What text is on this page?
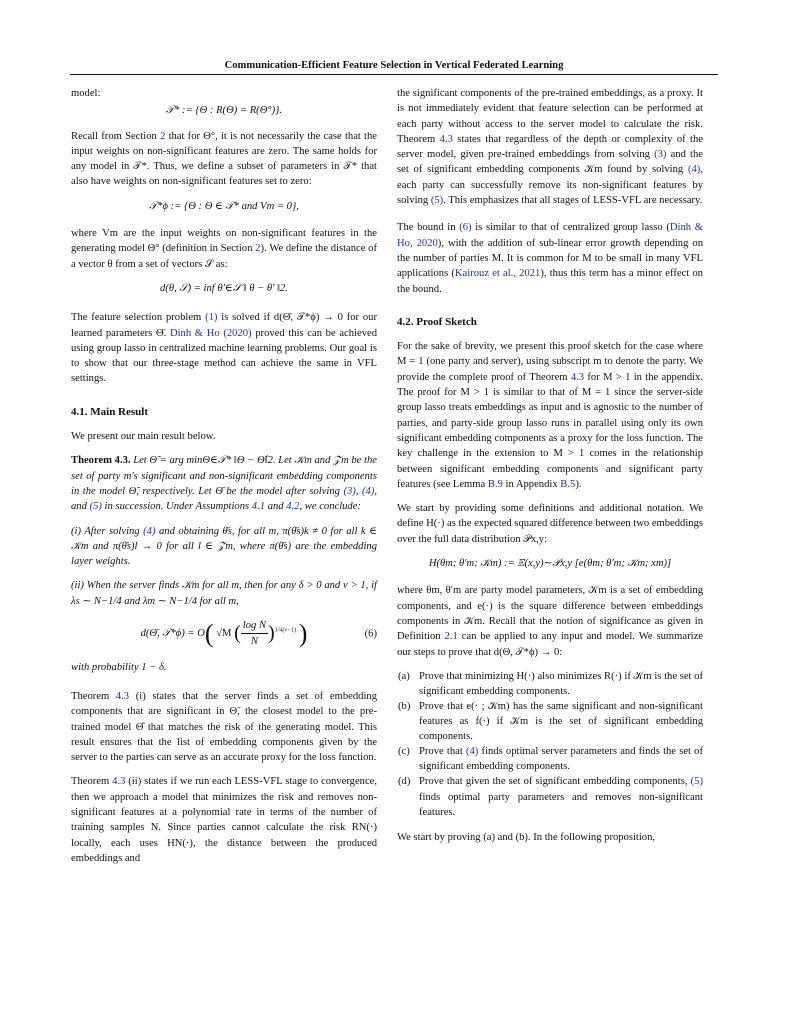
Communication-Efficient Feature Selection in Vertical Federated Learning

model:

𝒯* := {Θ : R(Θ) = R(Θ°)}.

Recall from Section 2 that for Θ°, it is not necessarily the case that the input weights on non-significant features are zero. The same holds for any model in 𝒯*. Thus, we define a subset of parameters in 𝒯* that also have weights on non-significant features set to zero:

𝒯*ϕ := {Θ : Θ ∈ 𝒯* and Vm = 0},

where Vm are the input weights on non-significant features in the generating model Θ° (definition in Section 2). We define the distance of a vector θ from a set of vectors 𝒮 as:

d(θ, 𝒮) = inf θ′∈𝒮 ‖ θ − θ′ ‖2.

The feature selection problem (1) is solved if d(Θ̄, 𝒯*ϕ) → 0 for our learned parameters Θ̄. Dinh & Ho (2020) proved this can be achieved using group lasso in centralized machine learning problems. Our goal is to show that our three-stage method can achieve the same in VFL settings.

4.1. Main Result

We present our main result below.

Theorem 4.3. Let Θ̃ = arg minΘ∈𝒯* ‖Θ − Θ̂‖2. Let 𝒦m and 𝒵m be the set of party m's significant and non-significant embedding components in the model Θ̃, respectively. Let Θ̄ be the model after solving (3), (4), and (5) in succession. Under Assumptions 4.1 and 4.2, we conclude:

(i) After solving (4) and obtaining θ̄s, for all m, π(θ̄s)k ≠ 0 for all k ∈ 𝒦m and π(θ̄s)l → 0 for all l ∈ 𝒵m, where π(θ̄s) are the embedding layer weights.

(ii) When the server finds 𝒦m for all m, then for any δ > 0 and ν > 1, if λs ∼ N−1/4 and λm ∼ N−1/4 for all m,

d(Θ̄, 𝒯*ϕ) = O( √M ( $\frac{\text{log N}}{N} )^{1/4(\nu-1)}$ )	(6)

with probability 1 − δ.

Theorem 4.3 (i) states that the server finds a set of embedding components that are significant in Θ̃, the closest model to the pre-trained model Θ̂ that matches the risk of the generating model. This result ensures that the list of embedding components given by the server to the parties can serve as an accurate proxy for the loss function.

Theorem 4.3 (ii) states if we run each LESS-VFL stage to convergence, then we approach a model that minimizes the risk and removes non-significant features at a polynomial rate in terms of the number of training samples N. Since parties cannot calculate the risk RN(·) locally, each uses HN(·), the distance between the produced embeddings and

the significant components of the pre-trained embeddings, as a proxy. It is not immediately evident that feature selection can be performed at each party without access to the server model to calculate the risk. Theorem 4.3 states that regardless of the depth or complexity of the server model, given pre-trained embeddings from solving (3) and the set of significant embedding components 𝒦m found by solving (4), each party can successfully remove its non-significant features by solving (5). This emphasizes that all stages of LESS-VFL are necessary.

The bound in (6) is similar to that of centralized group lasso (Dinh & Ho, 2020), with the addition of sub-linear error growth depending on the number of parties M. It is common for M to be small in many VFL applications (Kairouz et al., 2021), thus this term has a minor effect on the bound.

4.2. Proof Sketch

For the sake of brevity, we present this proof sketch for the case where M = 1 (one party and server), using subscript m to denote the party. We provide the complete proof of Theorem 4.3 for M > 1 in the appendix. The proof for M > 1 is similar to that of M = 1 since the server-side group lasso treats embeddings as input and is agnostic to the number of parties, and party-side group lasso runs in parallel using only its own significant embedding components as a proxy for the loss function. The key challenge in the extension to M > 1 comes in the relationship between significant embedding components and significant party features (see Lemma B.9 in Appendix B.5).

We start by providing some definitions and additional notation. We define H(·) as the expected squared difference between two embeddings over the full data distribution 𝒫x,y:

H(θm; θ′m; 𝒦m) := 𝔼(x,y)∼𝒫x,y [e(θm; θ′m; 𝒦m; xm)]

where θm, θ′m are party model parameters, 𝒦m is a set of embedding components, and e(·) is the square difference between embeddings components in 𝒦m. Recall that the notion of significance as given in Definition 2.1 can be applied to any input and model. We summarize our steps to prove that d(Θ, 𝒯*ϕ) → 0:

(a) Prove that minimizing H(·) also minimizes R(·) if 𝒦m is the set of significant embedding components.
(b) Prove that e(· ; 𝒦m) has the same significant and non-significant features as f(·) if 𝒦m is the set of significant embedding components.
(c) Prove that (4) finds optimal server parameters and finds the set of significant embedding components.
(d) Prove that given the set of significant embedding components, (5) finds optimal party parameters and removes non-significant features.

We start by proving (a) and (b). In the following proposition,
